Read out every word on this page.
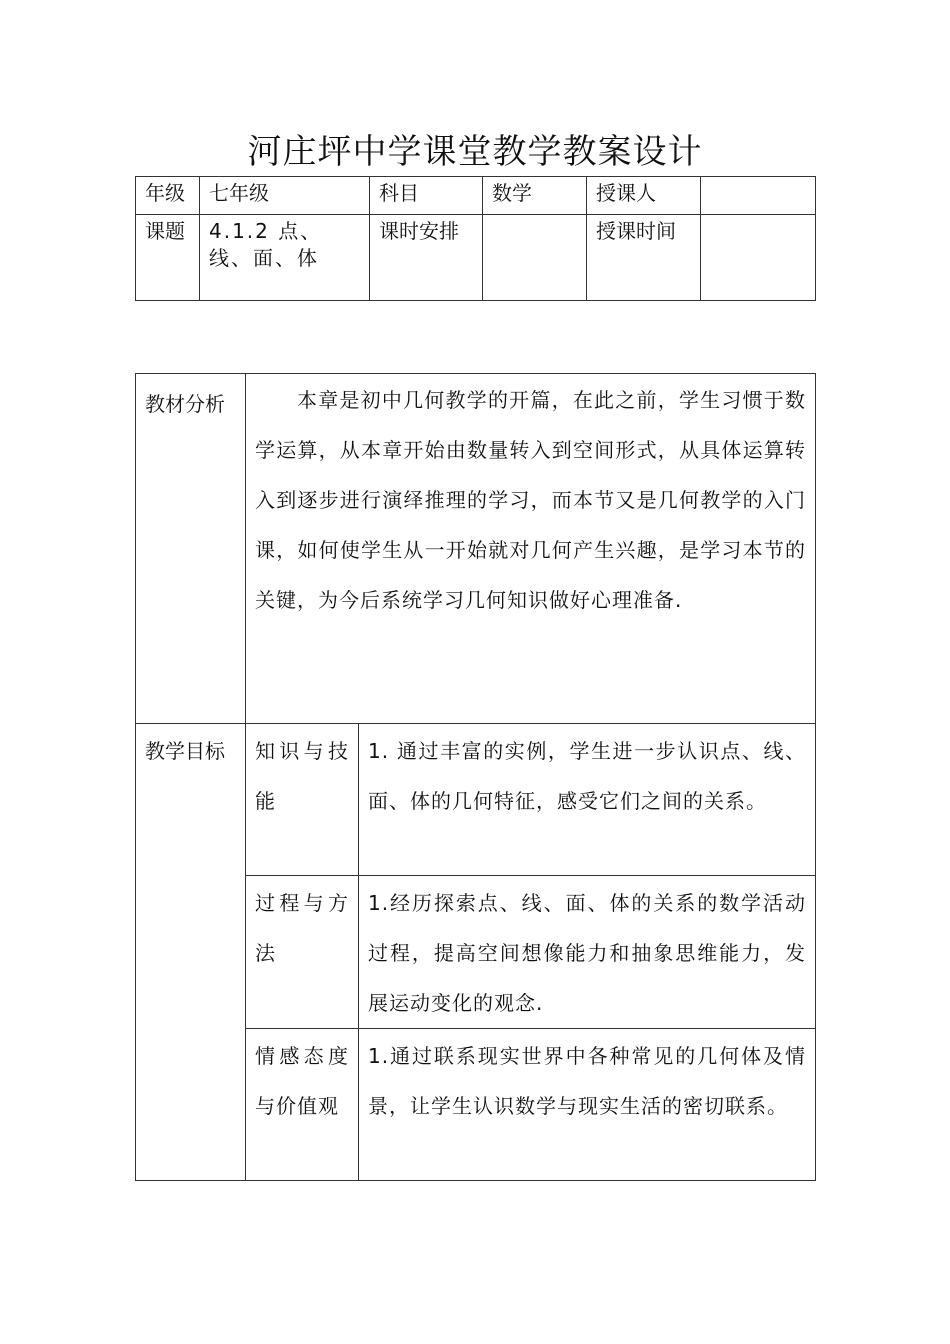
河庄坪中学课堂教学教案设计
年级	七年级	科目	数学	授课人	
课题	4.1.2 点、线、面、体	课时安排		授课时间	
教材分析	本章是初中几何教学的开篇，在此之前，学生习惯于数学运算，从本章开始由数量转入到空间形式，从具体运算转入到逐步进行演绎推理的学习，而本节又是几何教学的入门课，如何使学生从一开始就对几何产生兴趣，是学习本节的关键，为今后系统学习几何知识做好心理准备.	
教学目标	知识与技能	1. 通过丰富的实例，学生进一步认识点、线、面、体的几何特征，感受它们之间的关系。
	过程与方法	1.经历探索点、线、面、体的关系的数学活动过程，提高空间想像能力和抽象思维能力，发展运动变化的观念.
	情感态度与价值观	1.通过联系现实世界中各种常见的几何体及情景，让学生认识数学与现实生活的密切联系。
